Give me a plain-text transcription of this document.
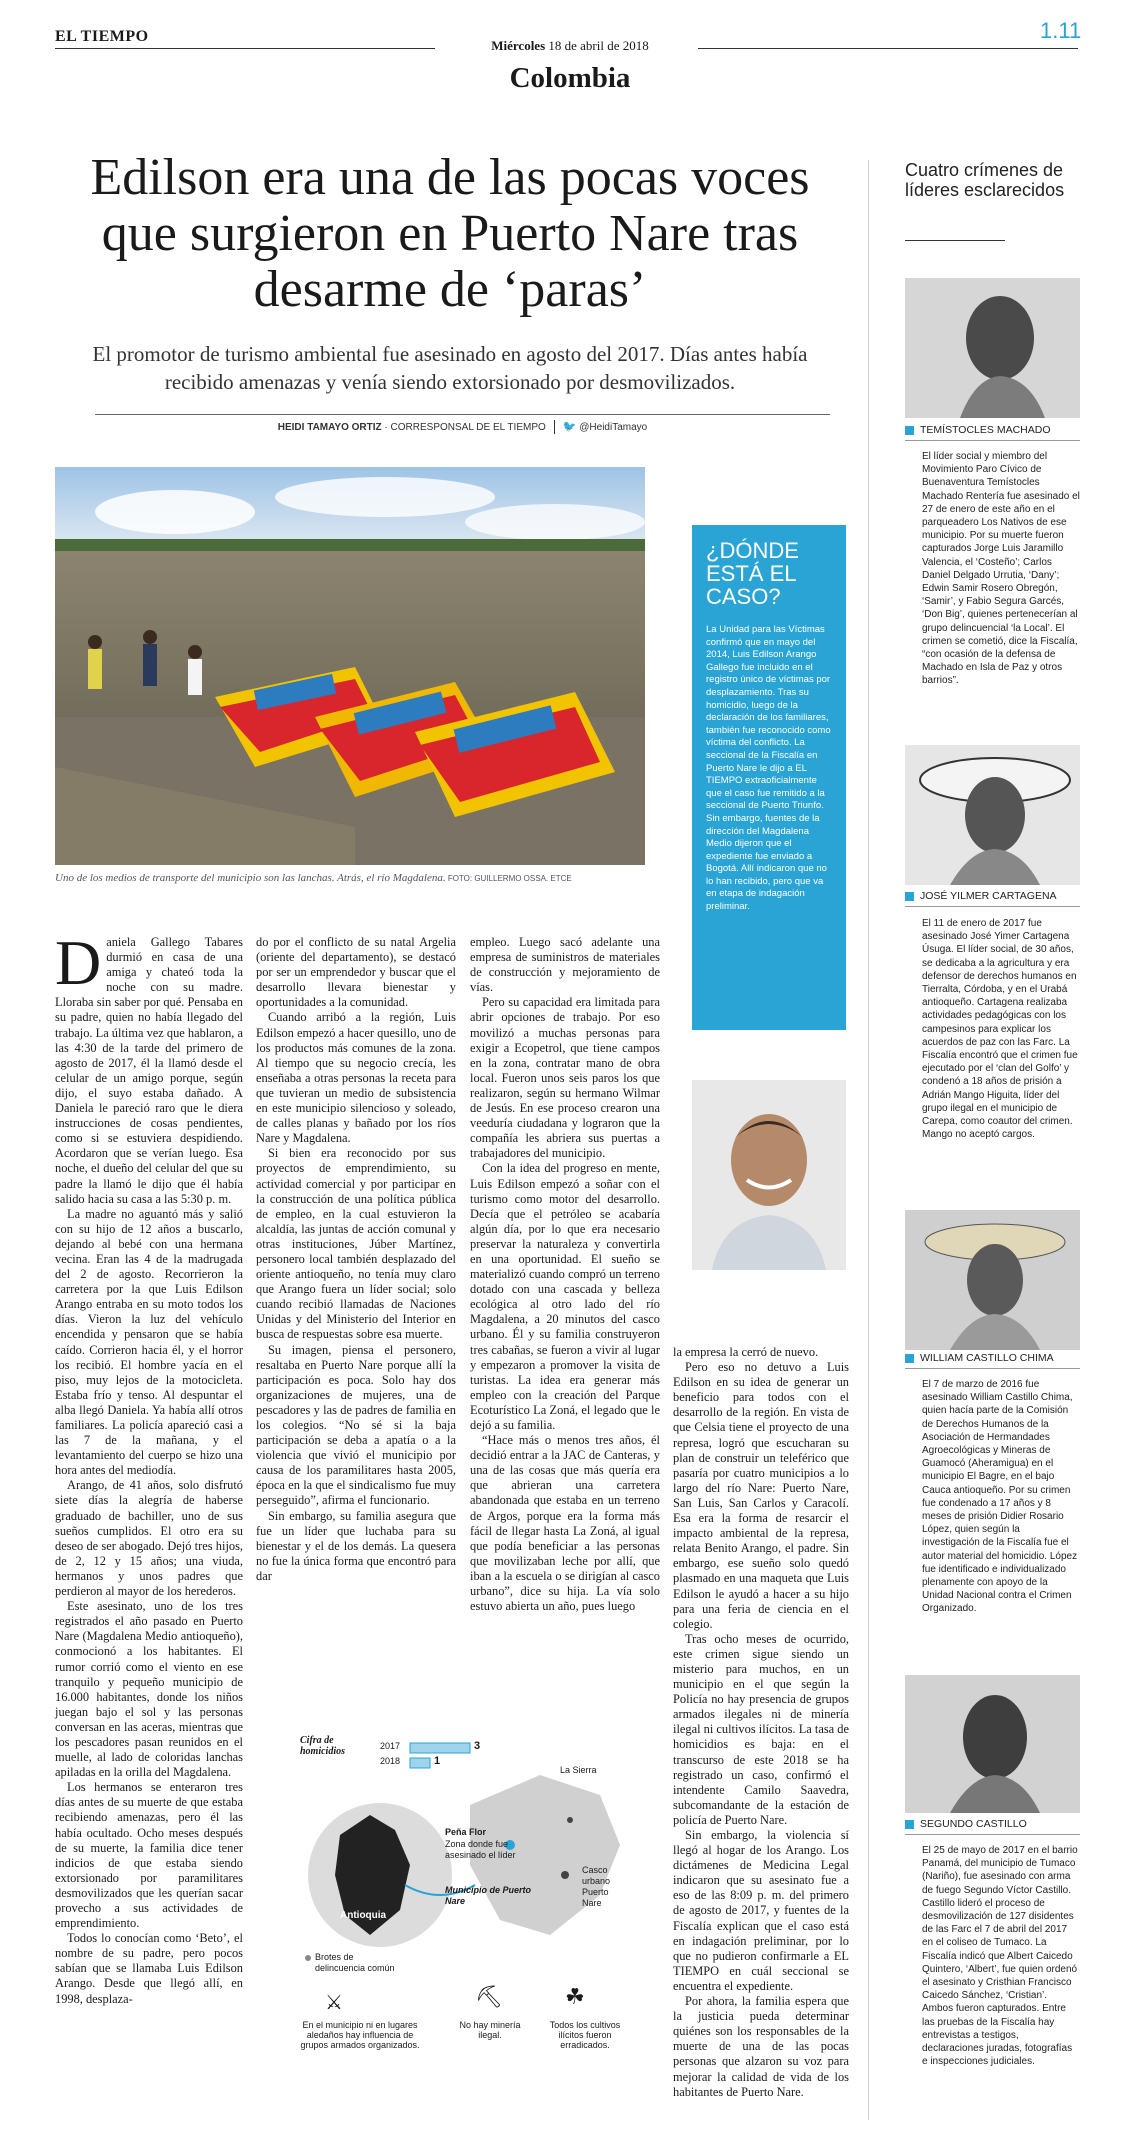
EL TIEMPO
Miércoles 18 de abril de 2018
1.11
Colombia
Edilson era una de las pocas voces que surgieron en Puerto Nare tras desarme de ‘paras’
El promotor de turismo ambiental fue asesinado en agosto del 2017. Días antes había recibido amenazas y venía siendo extorsionado por desmovilizados.
HEIDI TAMAYO ORTIZ · CORRESPONSAL DE EL TIEMPO 🐦 @HeidiTamayo
Uno de los medios de transporte del municipio son las lanchas. Atrás, el río Magdalena. FOTO: GUILLERMO OSSA. ETCE
¿DÓNDE ESTÁ EL CASO?
La Unidad para las Víctimas confirmó que en mayo del 2014, Luis Edilson Arango Gallego fue incluido en el registro único de víctimas por desplazamiento. Tras su homicidio, luego de la declaración de los familiares, también fue reconocido como víctima del conflicto. La seccional de la Fiscalía en Puerto Nare le dijo a EL TIEMPO extraoficialmente que el caso fue remitido a la seccional de Puerto Triunfo. Sin embargo, fuentes de la dirección del Magdalena Medio dijeron que el expediente fue enviado a Bogotá. Allí indicaron que no lo han recibido, pero que va en etapa de indagación preliminar.
D aniela Gallego Tabares durmió en casa de una amiga y chateó toda la noche con su madre. Lloraba sin saber por qué. Pensaba en su padre, quien no había llegado del trabajo. La última vez que hablaron, a las 4:30 de la tarde del primero de agosto de 2017, él la llamó desde el celular de un amigo porque, según dijo, el suyo estaba dañado. A Daniela le pareció raro que le diera instrucciones de cosas pendientes, como si se estuviera despidiendo. Acordaron que se verían luego. Esa noche, el dueño del celular del que su padre la llamó le dijo que él había salido hacia su casa a las 5:30 p. m.

La madre no aguantó más y salió con su hijo de 12 años a buscarlo, dejando al bebé con una hermana vecina. Eran las 4 de la madrugada del 2 de agosto. Recorrieron la carretera por la que Luis Edilson Arango entraba en su moto todos los días. Vieron la luz del vehículo encendida y pensaron que se había caído. Corrieron hacia él, y el horror los recibió. El hombre yacía en el piso, muy lejos de la motocicleta. Estaba frío y tenso. Al despuntar el alba llegó Daniela. Ya había allí otros familiares. La policía apareció casi a las 7 de la mañana, y el levantamiento del cuerpo se hizo una hora antes del mediodía.

Arango, de 41 años, solo disfrutó siete días la alegría de haberse graduado de bachiller, uno de sus sueños cumplidos. El otro era su deseo de ser abogado. Dejó tres hijos, de 2, 12 y 15 años; una viuda, hermanos y unos padres que perdieron al mayor de los herederos.

Este asesinato, uno de los tres registrados el año pasado en Puerto Nare (Magdalena Medio antioqueño), conmocionó a los habitantes. El rumor corrió como el viento en ese tranquilo y pequeño municipio de 16.000 habitantes, donde los niños juegan bajo el sol y las personas conversan en las aceras, mientras que los pescadores pasan reunidos en el muelle, al lado de coloridas lanchas apiladas en la orilla del Magdalena.

Los hermanos se enteraron tres días antes de su muerte de que estaba recibiendo amenazas, pero él las había ocultado. Ocho meses después de su muerte, la familia dice tener indicios de que estaba siendo extorsionado por paramilitares desmovilizados que les querían sacar provecho a sus actividades de emprendimiento.

Todos lo conocían como ‘Beto’, el nombre de su padre, pero pocos sabían que se llamaba Luis Edilson Arango. Desde que llegó allí, en 1998, desplaza-

do por el conflicto de su natal Argelia (oriente del departamento), se destacó por ser un emprendedor y buscar que el desarrollo llevara bienestar y oportunidades a la comunidad.

Cuando arribó a la región, Luis Edilson empezó a hacer quesillo, uno de los productos más comunes de la zona. Al tiempo que su negocio crecía, les enseñaba a otras personas la receta para que tuvieran un medio de subsistencia en este municipio silencioso y soleado, de calles planas y bañado por los ríos Nare y Magdalena.

Si bien era reconocido por sus proyectos de emprendimiento, su actividad comercial y por participar en la construcción de una política pública de empleo, en la cual estuvieron la alcaldía, las juntas de acción comunal y otras instituciones, Júber Martínez, personero local también desplazado del oriente antioqueño, no tenía muy claro que Arango fuera un líder social; solo cuando recibió llamadas de Naciones Unidas y del Ministerio del Interior en busca de respuestas sobre esa muerte.

Su imagen, piensa el personero, resaltaba en Puerto Nare porque allí la participación es poca. Solo hay dos organizaciones de mujeres, una de pescadores y las de padres de familia en los colegios. “No sé si la baja participación se deba a apatía o a la violencia que vivió el municipio por causa de los paramilitares hasta 2005, época en la que el sindicalismo fue muy perseguido”, afirma el funcionario.

Sin embargo, su familia asegura que fue un líder que luchaba para su bienestar y el de los demás. La quesera no fue la única forma que encontró para dar

empleo. Luego sacó adelante una empresa de suministros de materiales de construcción y mejoramiento de vías.

Pero su capacidad era limitada para abrir opciones de trabajo. Por eso movilizó a muchas personas para exigir a Ecopetrol, que tiene campos en la zona, contratar mano de obra local. Fueron unos seis paros los que realizaron, según su hermano Wilmar de Jesús. En ese proceso crearon una veeduría ciudadana y lograron que la compañía les abriera sus puertas a trabajadores del municipio.

Con la idea del progreso en mente, Luis Edilson empezó a soñar con el turismo como motor del desarrollo. Decía que el petróleo se acabaría algún día, por lo que era necesario preservar la naturaleza y convertirla en una oportunidad. El sueño se materializó cuando compró un terreno dotado con una cascada y belleza ecológica al otro lado del río Magdalena, a 20 minutos del casco urbano. Él y su familia construyeron tres cabañas, se fueron a vivir al lugar y empezaron a promover la visita de turistas. La idea era generar más empleo con la creación del Parque Ecoturístico La Zoná, el legado que le dejó a su familia.

“Hace más o menos tres años, él decidió entrar a la JAC de Canteras, y una de las cosas que más quería era que abrieran una carretera abandonada que estaba en un terreno de Argos, porque era la forma más fácil de llegar hasta La Zoná, al igual que podía beneficiar a las personas que movilizaban leche por allí, que iban a la escuela o se dirigían al casco urbano”, dice su hija. La vía solo estuvo abierta un año, pues luego

la empresa la cerró de nuevo.

Pero eso no detuvo a Luis Edilson en su idea de generar un beneficio para todos con el desarrollo de la región. En vista de que Celsia tiene el proyecto de una represa, logró que escucharan su plan de construir un teleférico que pasaría por cuatro municipios a lo largo del río Nare: Puerto Nare, San Luis, San Carlos y Caracolí. Esa era la forma de resarcir el impacto ambiental de la represa, relata Benito Arango, el padre. Sin embargo, ese sueño solo quedó plasmado en una maqueta que Luis Edilson le ayudó a hacer a su hijo para una feria de ciencia en el colegio.

Tras ocho meses de ocurrido, este crimen sigue siendo un misterio para muchos, en un municipio en el que según la Policía no hay presencia de grupos armados ilegales ni de minería ilegal ni cultivos ilícitos. La tasa de homicidios es baja: en el transcurso de este 2018 se ha registrado un caso, confirmó el intendente Camilo Saavedra, subcomandante de la estación de policía de Puerto Nare.

Sin embargo, la violencia sí llegó al hogar de los Arango. Los dictámenes de Medicina Legal indicaron que su asesinato fue a eso de las 8:09 p. m. del primero de agosto de 2017, y fuentes de la Fiscalía explican que el caso está en indagación preliminar, por lo que no pudieron confirmarle a EL TIEMPO en cuál seccional se encuentra el expediente.

Por ahora, la familia espera que la justicia pueda determinar quiénes son los responsables de la muerte de una de las pocas personas que alzaron su voz para mejorar la calidad de vida de los habitantes de Puerto Nare.

Cifra de homicidios	2017	3
2018	1
La Sierra
Antioquia
Peña Flor
Zona donde fue asesinado el líder
Municipio de Puerto Nare
Casco urbano Puerto Nare
Brotes de delincuencia común
⚔
En el municipio ni en lugares aledaños hay influencia de grupos armados organizados.
⛏
No hay minería ilegal.
☘
Todos los cultivos ilícitos fueron erradicados.
Cuatro crímenes de líderes esclarecidos
TEMÍSTOCLES MACHADO
El líder social y miembro del Movimiento Paro Cívico de Buenaventura Temístocles Machado Rentería fue asesinado el 27 de enero de este año en el parqueadero Los Nativos de ese municipio. Por su muerte fueron capturados Jorge Luis Jaramillo Valencia, el ‘Costeño’; Carlos Daniel Delgado Urrutia, ‘Dany’; Edwin Samir Rosero Obregón, ‘Samir’, y Fabio Segura Garcés, ‘Don Big’, quienes pertenecerían al grupo delincuencial ‘la Local’. El crimen se cometió, dice la Fiscalía, “con ocasión de la defensa de Machado en Isla de Paz y otros barrios”.
JOSÉ YILMER CARTAGENA
El 11 de enero de 2017 fue asesinado José Yimer Cartagena Úsuga. El líder social, de 30 años, se dedicaba a la agricultura y era defensor de derechos humanos en Tierralta, Córdoba, y en el Urabá antioqueño. Cartagena realizaba actividades pedagógicas con los campesinos para explicar los acuerdos de paz con las Farc. La Fiscalía encontró que el crimen fue ejecutado por el ‘clan del Golfo’ y condenó a 18 años de prisión a Adrián Mango Higuita, líder del grupo ilegal en el municipio de Carepa, como coautor del crimen. Mango no aceptó cargos.
WILLIAM CASTILLO CHIMA
El 7 de marzo de 2016 fue asesinado William Castillo Chima, quien hacía parte de la Comisión de Derechos Humanos de la Asociación de Hermandades Agroecológicas y Mineras de Guamocó (Aheramigua) en el municipio El Bagre, en el bajo Cauca antioqueño. Por su crimen fue condenado a 17 años y 8 meses de prisión Didier Rosario López, quien según la investigación de la Fiscalía fue el autor material del homicidio. López fue identificado e individualizado plenamente con apoyo de la Unidad Nacional contra el Crimen Organizado.
SEGUNDO CASTILLO
El 25 de mayo de 2017 en el barrio Panamá, del municipio de Tumaco (Nariño), fue asesinado con arma de fuego Segundo Víctor Castillo. Castillo lideró el proceso de desmovilización de 127 disidentes de las Farc el 7 de abril del 2017 en el coliseo de Tumaco. La Fiscalía indicó que Albert Caicedo Quintero, ‘Albert’, fue quien ordenó el asesinato y Cristhian Francisco Caicedo Sánchez, ‘Cristian’. Ambos fueron capturados. Entre las pruebas de la Fiscalía hay entrevistas a testigos, declaraciones juradas, fotografías e inspecciones judiciales.
